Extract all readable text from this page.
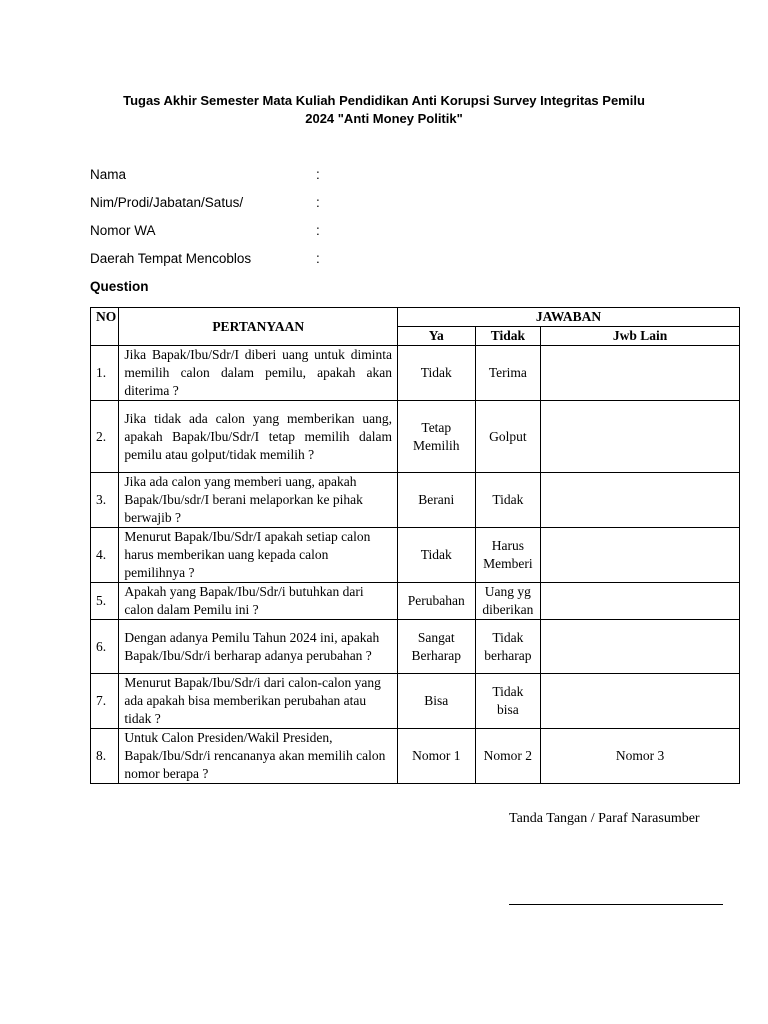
Tugas Akhir Semester Mata Kuliah Pendidikan Anti Korupsi Survey Integritas Pemilu
2024 "Anti Money Politik"
Nama	:
Nim/Prodi/Jabatan/Satus/	:
Nomor WA	:
Daerah Tempat Mencoblos	:
Question
NO	PERTANYAAN	JAWABAN		
		Ya	Tidak	Jwb Lain
1.	Jika Bapak/Ibu/Sdr/I diberi uang untuk diminta memilih calon dalam pemilu, apakah akan diterima ?	Tidak	Terima	
2.	Jika tidak ada calon yang memberikan uang, apakah Bapak/Ibu/Sdr/I tetap memilih dalam pemilu atau golput/tidak memilih ?	Tetap Memilih	Golput	
3.	Jika ada calon yang memberi uang, apakah Bapak/Ibu/sdr/I berani melaporkan ke pihak berwajib ?	Berani	Tidak	
4.	Menurut Bapak/Ibu/Sdr/I apakah setiap calon harus memberikan uang kepada calon pemilihnya ?	Tidak	Harus Memberi	
5.	Apakah yang Bapak/Ibu/Sdr/i butuhkan dari calon dalam Pemilu ini ?	Perubahan	Uang yg diberikan	
6.	Dengan adanya Pemilu Tahun 2024 ini, apakah Bapak/Ibu/Sdr/i berharap adanya perubahan ?	Sangat Berharap	Tidak berharap	
7.	Menurut Bapak/Ibu/Sdr/i dari calon-calon yang ada apakah bisa memberikan perubahan atau tidak ?	Bisa	Tidak bisa	
8.	Untuk Calon Presiden/Wakil Presiden, Bapak/Ibu/Sdr/i rencananya akan memilih calon nomor berapa ?	Nomor 1	Nomor 2	Nomor 3
Tanda Tangan / Paraf Narasumber
